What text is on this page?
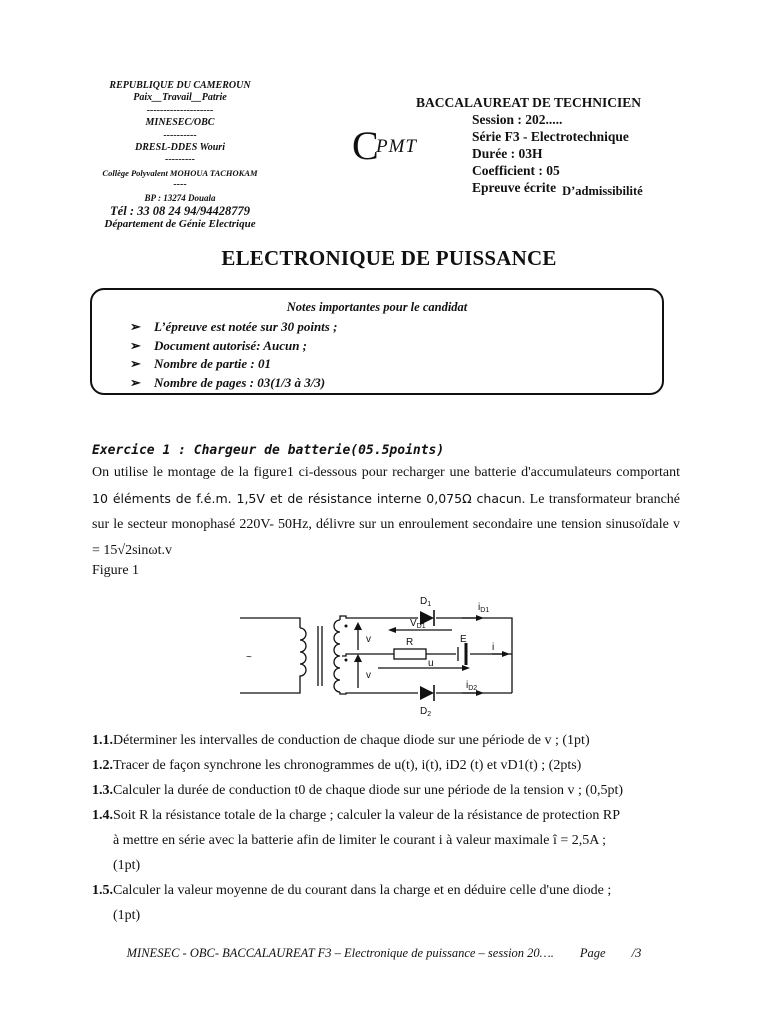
REPUBLIQUE DU CAMEROUN
Paix__Travail__Patrie
--------------------
MINESEC/OBC
----------
DRESL-DDES Wouri
---------
Collège Polyvalent MOHOUA TACHOKAM
----
BP : 13274 Douala
Tél : 33 08 24 94/94428779
Département de Génie Electrique
C
PMT
BACCALAUREAT DE TECHNICIEN
Session : 202.....
Série F3 - Electrotechnique
Durée : 03H
Coefficient : 05
Epreuve écrite D’admissibilité
ELECTRONIQUE DE PUISSANCE
Notes importantes pour le candidat
➢ L’épreuve est notée sur 30 points ;
➢ Document autorisé: Aucun ;
➢ Nombre de partie : 01
➢ Nombre de pages : 03(1/3 à 3/3)
Exercice 1 : Chargeur de batterie(05.5points)
On utilise le montage de la figure1 ci-dessous pour recharger une batterie d'accumulateurs comportant 10 éléments de f.é.m. 1,5V et de résistance interne 0,075Ω chacun. Le transformateur branché sur le secteur monophasé 220V- 50Hz, délivre sur un enroulement secondaire une tension sinusoïdale v = 15√2sinωt.v
Figure 1
$D_1$
$D_2$
$V_{D1}$
$i_{D1}$
$i_{D2}$
v
v
R	E
i
u
~

1.1.Déterminer les intervalles de conduction de chaque diode sur une période de v ; (1pt)

1.2.Tracer de façon synchrone les chronogrammes de u(t), i(t), iD2 (t) et vD1(t) ; (2pts)

1.3.Calculer la durée de conduction t0 de chaque diode sur une période de la tension v ; (0,5pt)

1.4.Soit R la résistance totale de la charge ; calculer la valeur de la résistance de protection RP

à mettre en série avec la batterie afin de limiter le courant i à valeur maximale î = 2,5A ;

(1pt)

1.5.Calculer la valeur moyenne de du courant dans la charge et en déduire celle d'une diode ;

(1pt)

MINESEC - OBC- BACCALAUREAT F3 – Electronique de puissance – session 20…. Page /3
